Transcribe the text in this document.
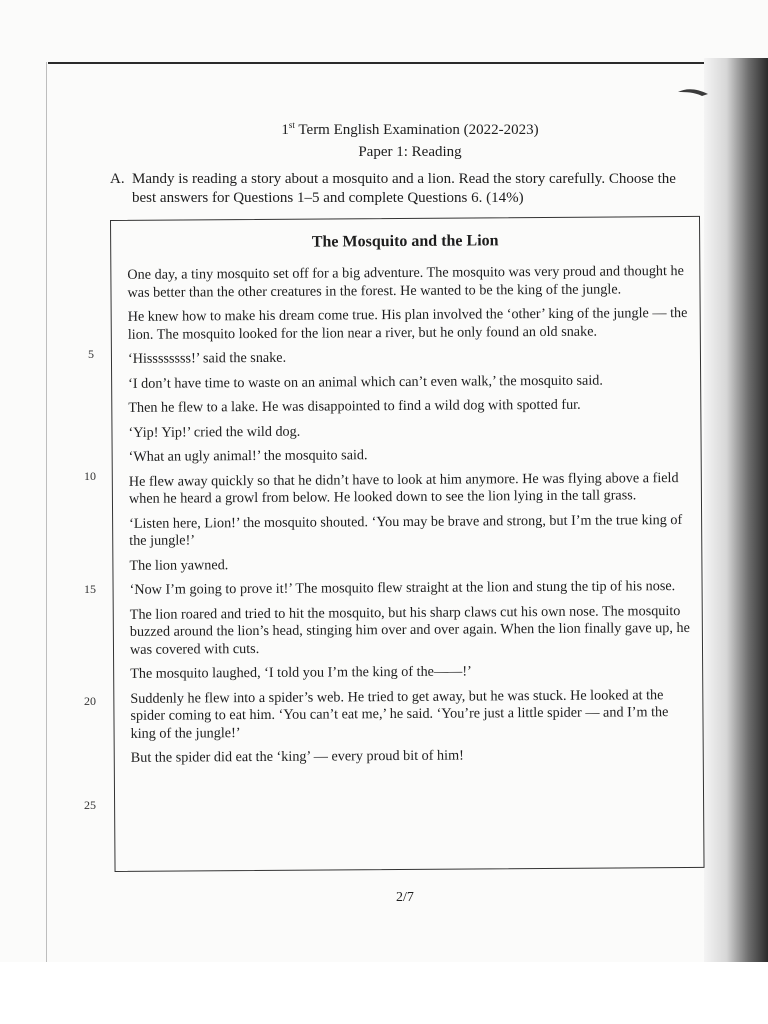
1st Term English Examination (2022-2023)
Paper 1: Reading
A. Mandy is reading a story about a mosquito and a lion. Read the story carefully. Choose the best answers for Questions 1–5 and complete Questions 6. (14%)
The Mosquito and the Lion

One day, a tiny mosquito set off for a big adventure. The mosquito was very proud and thought he was better than the other creatures in the forest. He wanted to be the king of the jungle.

He knew how to make his dream come true. His plan involved the ‘other’ king of the jungle — the lion. The mosquito looked for the lion near a river, but he only found an old snake.

‘Hissssssss!’ said the snake.

‘I don’t have time to waste on an animal which can’t even walk,’ the mosquito said.

Then he flew to a lake. He was disappointed to find a wild dog with spotted fur.

‘Yip! Yip!’ cried the wild dog.

‘What an ugly animal!’ the mosquito said.

He flew away quickly so that he didn’t have to look at him anymore. He was flying above a field when he heard a growl from below. He looked down to see the lion lying in the tall grass.

‘Listen here, Lion!’ the mosquito shouted. ‘You may be brave and strong, but I’m the true king of the jungle!’

The lion yawned.

‘Now I’m going to prove it!’ The mosquito flew straight at the lion and stung the tip of his nose.

The lion roared and tried to hit the mosquito, but his sharp claws cut his own nose. The mosquito buzzed around the lion’s head, stinging him over and over again. When the lion finally gave up, he was covered with cuts.

The mosquito laughed, ‘I told you I’m the king of the——!’

Suddenly he flew into a spider’s web. He tried to get away, but he was stuck. He looked at the spider coming to eat him. ‘You can’t eat me,’ he said. ‘You’re just a little spider — and I’m the king of the jungle!’

But the spider did eat the ‘king’ — every proud bit of him!

5
10
15
20
25
2/7
